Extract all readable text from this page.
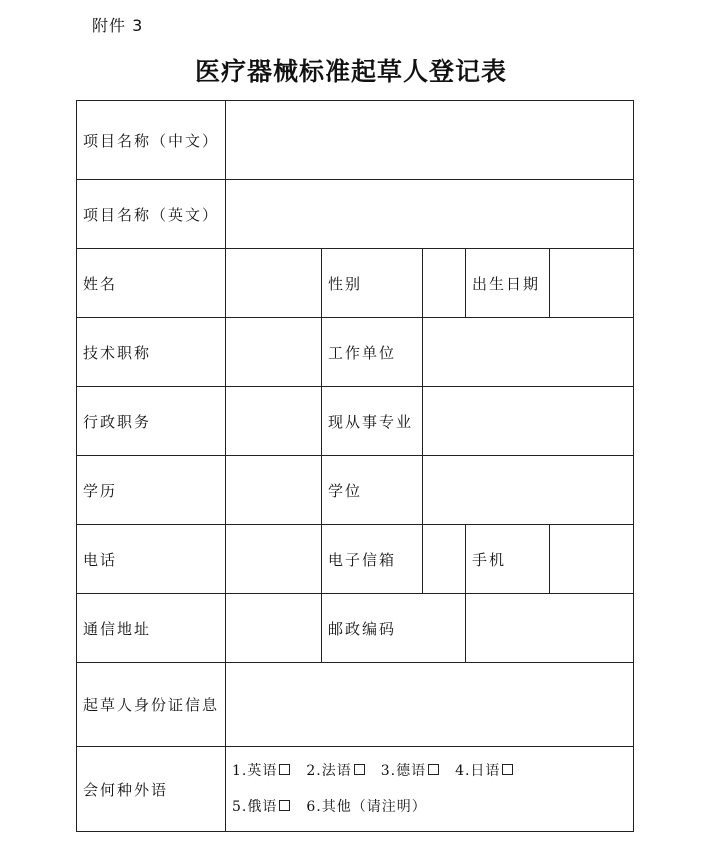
附件 3
医疗器械标准起草人登记表
项目名称（中文）					
项目名称（英文）					
姓名		性别		出生日期	
技术职称		工作单位			
行政职务		现从事专业			
学历		学位			
电话		电子信箱		手机	
通信地址		邮政编码			
起草人身份证信息					
会何种外语	1.英语 2.法语 3.德语 4.日语
5.俄语 6.其他（请注明）				
